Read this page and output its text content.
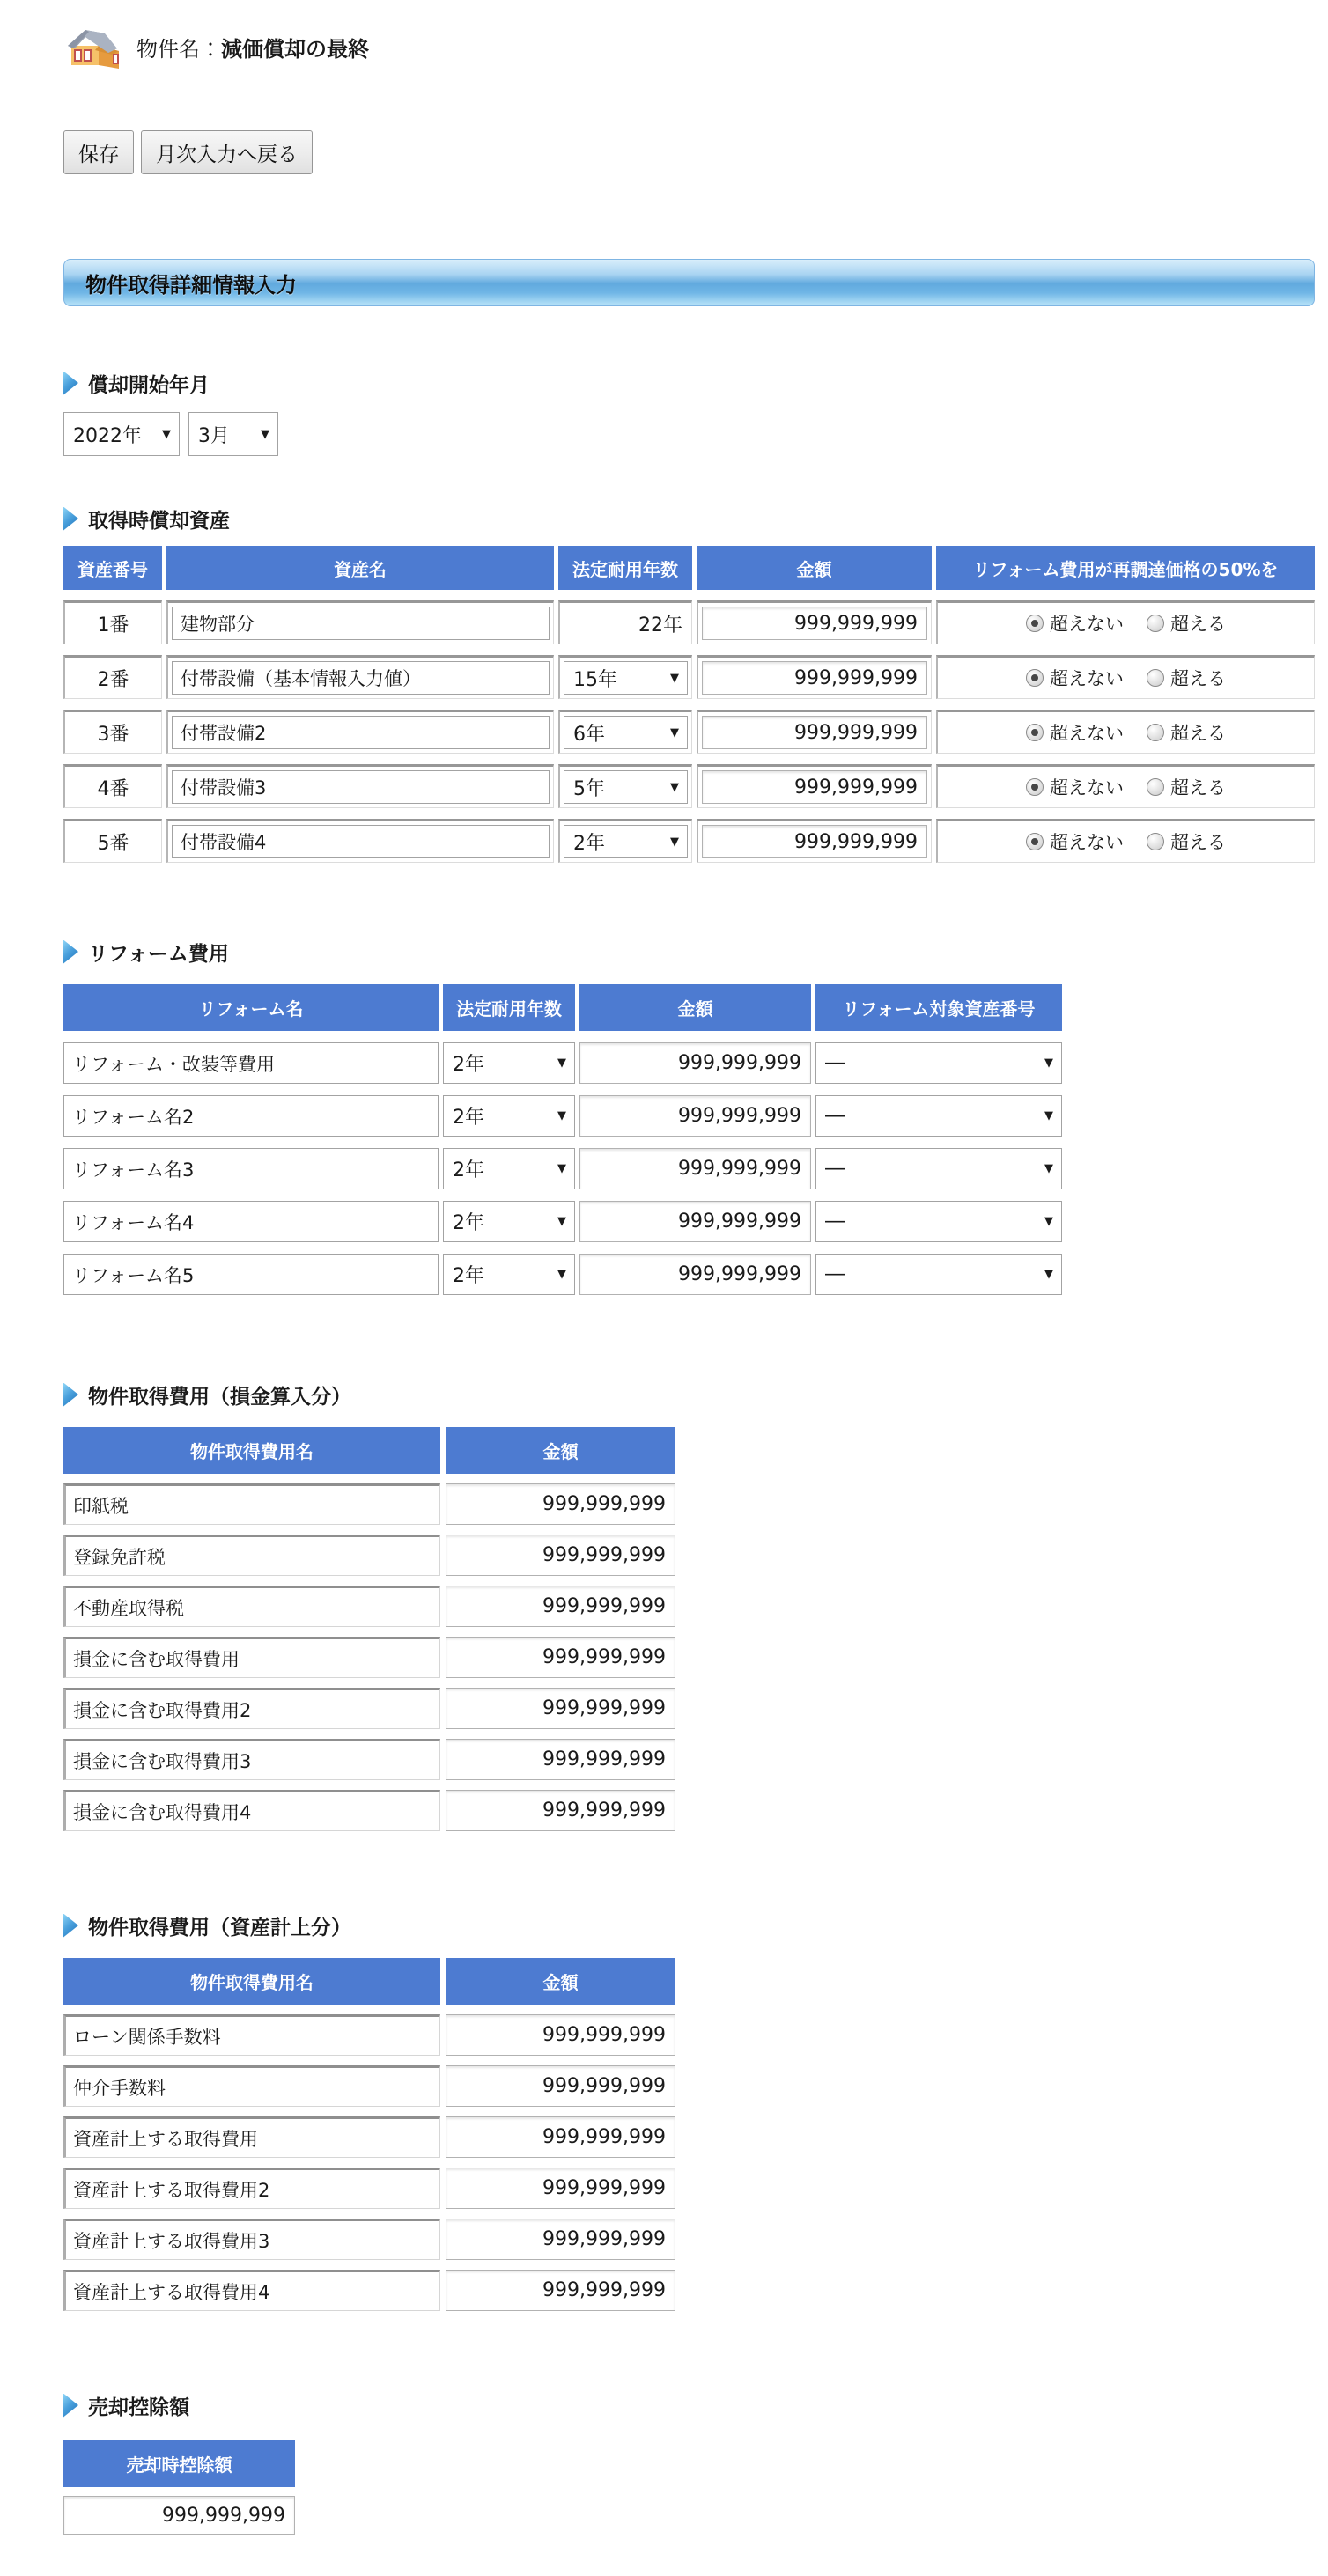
物件名：減価償却の最終
保存	月次入力へ戻る
物件取得詳細情報入力
償却開始年月
2022年 ▼ 3月	▼
取得時償却資産
資産番号	資産名	法定耐用年数	金額	リフォーム費用が再調達価格の50%を
1番	建物部分	22年	999,999,999	超えない	超える
2番	付帯設備（基本情報入力値）	15年	▼	999,999,999	超えない	超える
3番	付帯設備2	6年	▼	999,999,999	超えない	超える
4番	付帯設備3	5年	▼	999,999,999	超えない	超える
5番	付帯設備4	2年	▼	999,999,999	超えない	超える
リフォーム費用
リフォーム名	法定耐用年数	金額	リフォーム対象資産番号
リフォーム・改装等費用	2年	▼	999,999,999	―	▼
リフォーム名2	2年	▼	999,999,999	―	▼
リフォーム名3	2年	▼	999,999,999	―	▼
リフォーム名4	2年	▼	999,999,999	―	▼
リフォーム名5	2年	▼	999,999,999	―	▼
物件取得費用（損金算入分）
物件取得費用名	金額
印紙税	999,999,999
登録免許税	999,999,999
不動産取得税	999,999,999
損金に含む取得費用	999,999,999
損金に含む取得費用2	999,999,999
損金に含む取得費用3	999,999,999
損金に含む取得費用4	999,999,999
物件取得費用（資産計上分）
物件取得費用名	金額
ローン関係手数料	999,999,999
仲介手数料	999,999,999
資産計上する取得費用	999,999,999
資産計上する取得費用2	999,999,999
資産計上する取得費用3	999,999,999
資産計上する取得費用4	999,999,999
売却控除額
売却時控除額
999,999,999
